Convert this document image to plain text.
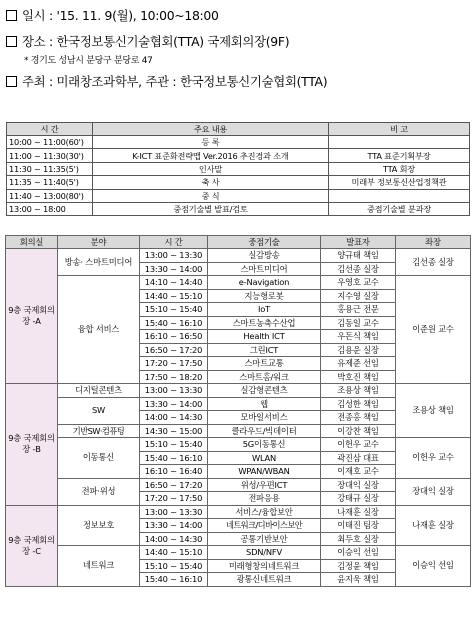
일시 : '15. 11. 9(월), 10:00~18:00
장소 : 한국정보통신기술협회(TTA) 국제회의장(9F)
* 경기도 성남시 분당구 분당로 47
주최 : 미래창조과학부, 주관 : 한국정보통신기술협회(TTA)
시 간	주요 내용	비 고
10:00 ~ 11:00(60')	등 록	
11:00 ~ 11:30(30')	K-ICT 표준화전략맵 Ver.2016 추진경과 소개	TTA 표준기획부장
11:30 ~ 11:35(5')	인사말	TTA 회장
11:35 ~ 11:40(5')	축 사	미래부 정보통신산업정책관
11:40 ~ 13:00(80')	중 식	
13:00 ~ 18:00	중점기술별 발표/검토	중점기술별 분과장
회의실	분야	시 간	중점기술	발표자	좌장
9층 국제회의장 -A	방송· 스마트미디어	13:00 ~ 13:30	실감방송	양규태 책임	김선종 실장
		13:30 ~ 14:00	스마트미디어	김선종 실장	
	융합 서비스	14:10 ~ 14:40	e-Navigation	우영호 교수	이준원 교수
		14:40 ~ 15:10	지능형로봇	지수영 실장	
		15:10 ~ 15:40	IoT	홍용근 전문	
		15:40 ~ 16:10	스마트농축수산업	김동일 교수	
		16:10 ~ 16:50	Health ICT	우돈식 책임	
		16:50 ~ 17:20	그린ICT	김용운 실장	
		17:20 ~ 17:50	스마트교통	유제준 선임	
		17:50 ~ 18:20	스마트홈/워크	박호진 책임	
9층 국제회의장 -B	디지털콘텐츠	13:00 ~ 13:30	실감형콘텐츠	조용상 책임	조용상 책임
	SW	13:30 ~ 14:00	웹	김성한 책임	
		14:00 ~ 14:30	모바일서비스	전종홍 책임	
	기반SW·컴퓨팅	14:30 ~ 15:00	클라우드/빅데이터	이강찬 책임	
	이동통신	15:10 ~ 15:40	5G이동통신	이헌우 교수	이헌우 교수
		15:40 ~ 16:10	WLAN	곽진삼 대표	
		16:10 ~ 16:40	WPAN/WBAN	이재호 교수	
	전파·위성	16:50 ~ 17:20	위성/우편ICT	장대익 실장	장대익 실장
		17:20 ~ 17:50	전파응용	강태규 실장	
9층 국제회의장 -C	정보보호	13:00 ~ 13:30	서비스/융합보안	나재훈 실장	나재훈 실장
		13:30 ~ 14:00	네트워크/디바이스보안	이태진 팀장	
		14:00 ~ 14:30	공통기반보안	최두호 실장	
	네트워크	14:40 ~ 15:10	SDN/NFV	이승익 선임	이승익 선임
		15:10 ~ 15:40	미래형창의네트워크	김정윤 책임	
		15:40 ~ 16:10	광통신네트워크	윤지욱 책임	
